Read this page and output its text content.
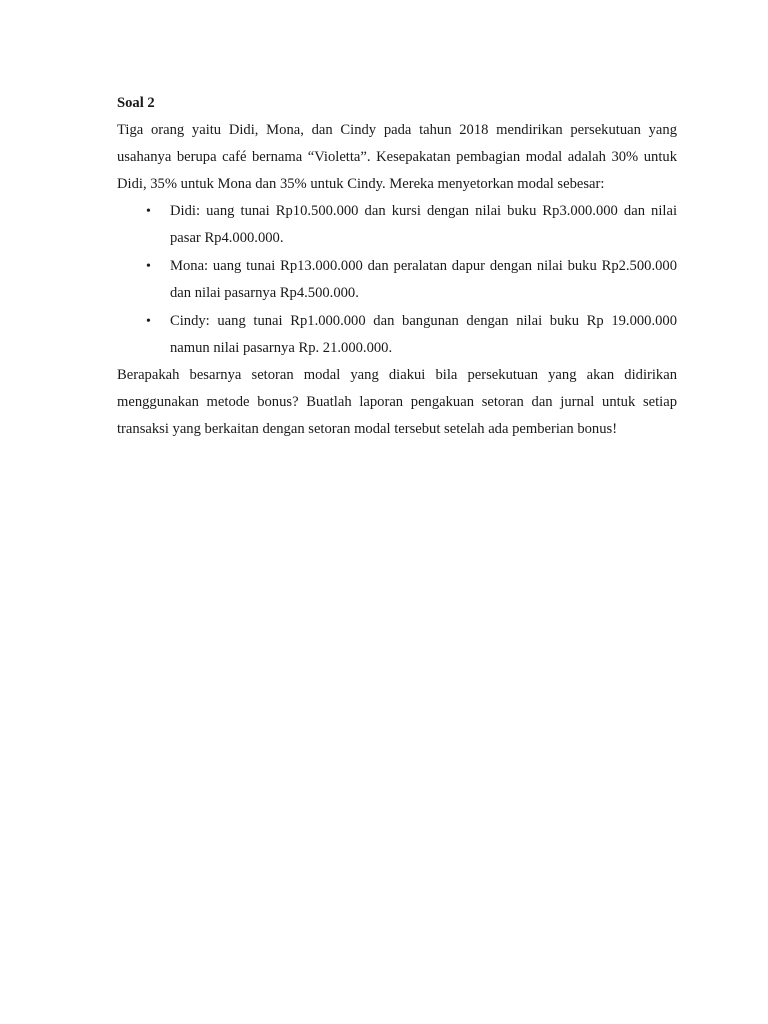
Soal 2

Tiga orang yaitu Didi, Mona, dan Cindy pada tahun 2018 mendirikan persekutuan yang usahanya berupa café bernama “Violetta”. Kesepakatan pembagian modal adalah 30% untuk Didi, 35% untuk Mona dan 35% untuk Cindy. Mereka menyetorkan modal sebesar:

• Didi: uang tunai Rp10.500.000 dan kursi dengan nilai buku Rp3.000.000 dan nilai pasar Rp4.000.000.
• Mona: uang tunai Rp13.000.000 dan peralatan dapur dengan nilai buku Rp2.500.000 dan nilai pasarnya Rp4.500.000.
• Cindy: uang tunai Rp1.000.000 dan bangunan dengan nilai buku Rp 19.000.000 namun nilai pasarnya Rp. 21.000.000.

Berapakah besarnya setoran modal yang diakui bila persekutuan yang akan didirikan menggunakan metode bonus? Buatlah laporan pengakuan setoran dan jurnal untuk setiap transaksi yang berkaitan dengan setoran modal tersebut setelah ada pemberian bonus!
